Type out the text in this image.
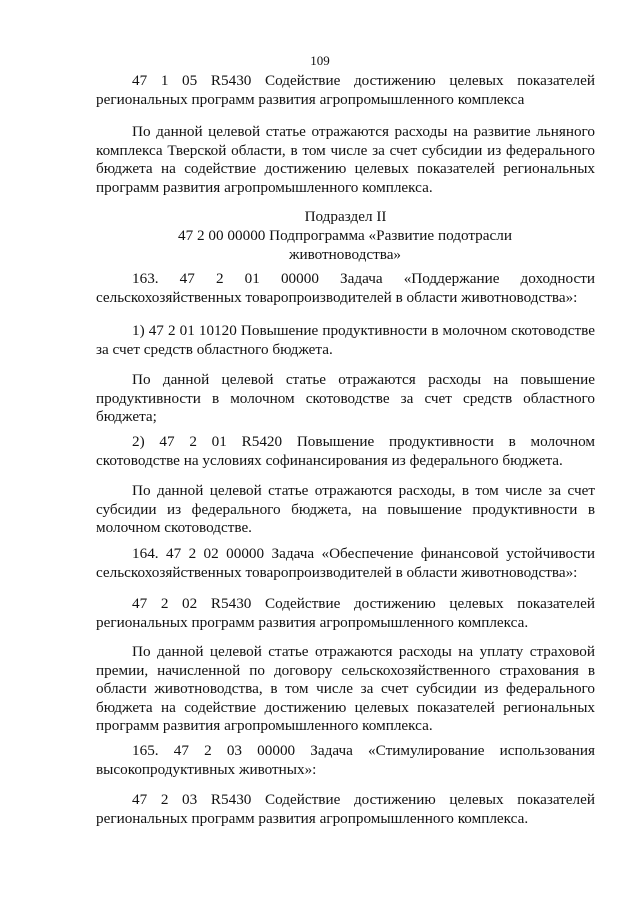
109

47 1 05 R5430 Содействие достижению целевых показателей региональных программ развития агропромышленного комплекса

По данной целевой статье отражаются расходы на развитие льняного комплекса Тверской области, в том числе за счет субсидии из федерального бюджета на содействие достижению целевых показателей региональных программ развития агропромышленного комплекса.

Подраздел II

47 2 00 00000 Подпрограмма «Развитие подотрасли животноводства»

163. 47 2 01 00000 Задача «Поддержание доходности сельскохозяйственных товаропроизводителей в области животноводства»:

1) 47 2 01 10120 Повышение продуктивности в молочном скотоводстве за счет средств областного бюджета.

По данной целевой статье отражаются расходы на повышение продуктивности в молочном скотоводстве за счет средств областного бюджета;

2) 47 2 01 R5420 Повышение продуктивности в молочном скотоводстве на условиях софинансирования из федерального бюджета.

По данной целевой статье отражаются расходы, в том числе за счет субсидии из федерального бюджета, на повышение продуктивности в молочном скотоводстве.

164. 47 2 02 00000 Задача «Обеспечение финансовой устойчивости сельскохозяйственных товаропроизводителей в области животноводства»:

47 2 02 R5430 Содействие достижению целевых показателей региональных программ развития агропромышленного комплекса.

По данной целевой статье отражаются расходы на уплату страховой премии, начисленной по договору сельскохозяйственного страхования в области животноводства, в том числе за счет субсидии из федерального бюджета на содействие достижению целевых показателей региональных программ развития агропромышленного комплекса.

165. 47 2 03 00000 Задача «Стимулирование использования высокопродуктивных животных»:

47 2 03 R5430 Содействие достижению целевых показателей региональных программ развития агропромышленного комплекса.
